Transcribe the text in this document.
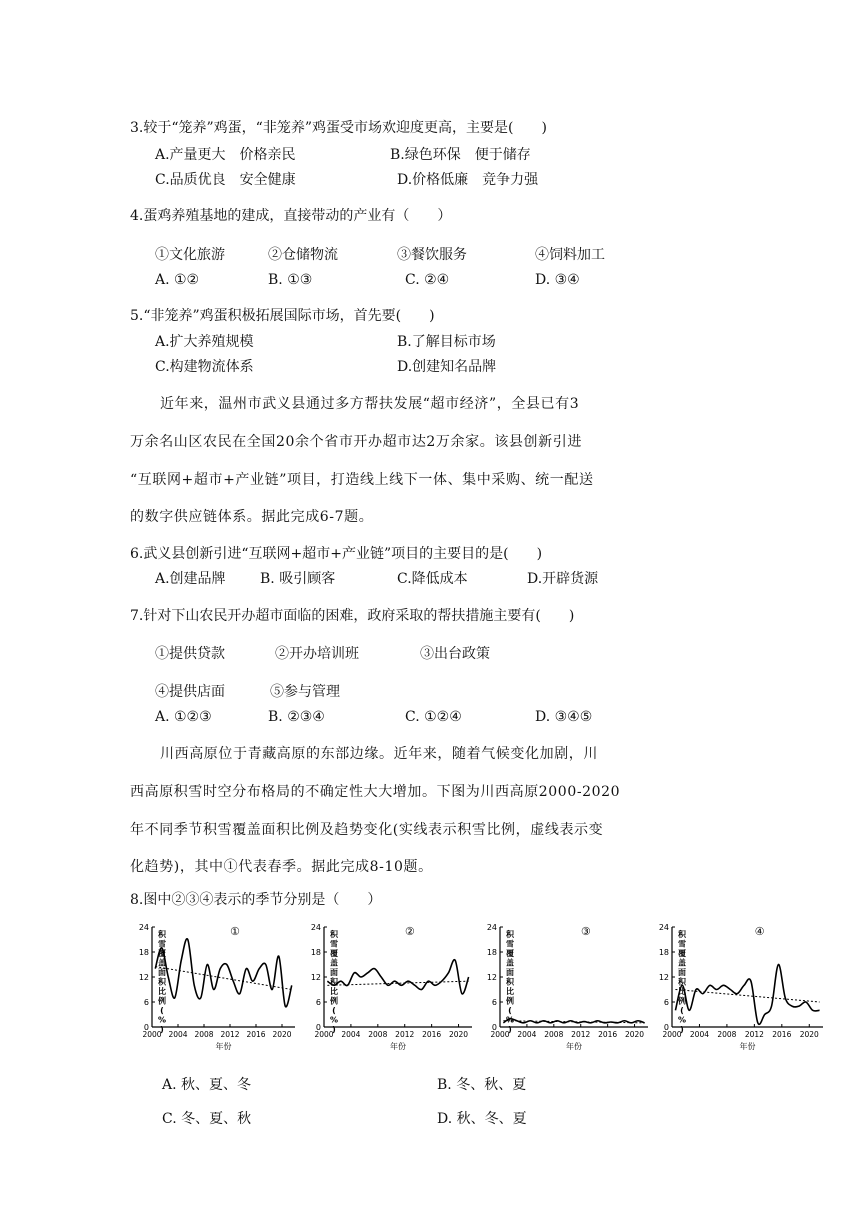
3.较于“笼养”鸡蛋，“非笼养”鸡蛋受市场欢迎度更高，主要是(　　)
A.产量更大　价格亲民	B.绿色环保　便于储存
C.品质优良　安全健康	D.价格低廉　竞争力强
4.蛋鸡养殖基地的建成，直接带动的产业有（　　）
①文化旅游	②仓储物流	③餐饮服务	④饲料加工
A. ①②	B. ①③	C. ②④	D. ③④
5.“非笼养”鸡蛋积极拓展国际市场，首先要(　　)
A.扩大养殖规模	B.了解目标市场
C.构建物流体系	D.创建知名品牌
近年来，温州市武义县通过多方帮扶发展“超市经济”，全县已有3
万余名山区农民在全国20余个省市开办超市达2万余家。该县创新引进
“互联网+超市+产业链”项目，打造线上线下一体、集中采购、统一配送
的数字供应链体系。据此完成6-7题。
6.武义县创新引进“互联网+超市+产业链”项目的主要目的是(　　)
A.创建品牌 B. 吸引顾客	C.降低成本	D.开辟货源
7.针对下山农民开办超市面临的困难，政府采取的帮扶措施主要有(　　)
①提供贷款	②开办培训班	③出台政策
④提供店面	⑤参与管理
A. ①②③	B. ②③④	C. ①②④	D. ③④⑤
川西高原位于青藏高原的东部边缘。近年来，随着气候变化加剧，川
西高原积雪时空分布格局的不确定性大大增加。下图为川西高原2000-2020
年不同季节积雪覆盖面积比例及趋势变化(实线表示积雪比例，虚线表示变
化趋势)，其中①代表春季。据此完成8-10题。
8.图中②③④表示的季节分别是（　　）
0
6
12
18
24
2000 2004 2008 2012 2016 2020
年份
积雪覆盖面积比例( % )
①
0
6
12
18
24
2000 2004 2008 2012 2016 2020
年份
积雪覆盖面积比例( % )
②
0
6
12
18
24
2000 2004 2008 2012 2016 2020
年份
积雪覆盖面积比例( % )
③
0
6
12
18
24
2000 2004 2008 2012 2016 2020
年份
积雪覆盖面积比例( % )
④
A. 秋、夏、冬	B. 冬、秋、夏
C. 冬、夏、秋	D. 秋、冬、夏
